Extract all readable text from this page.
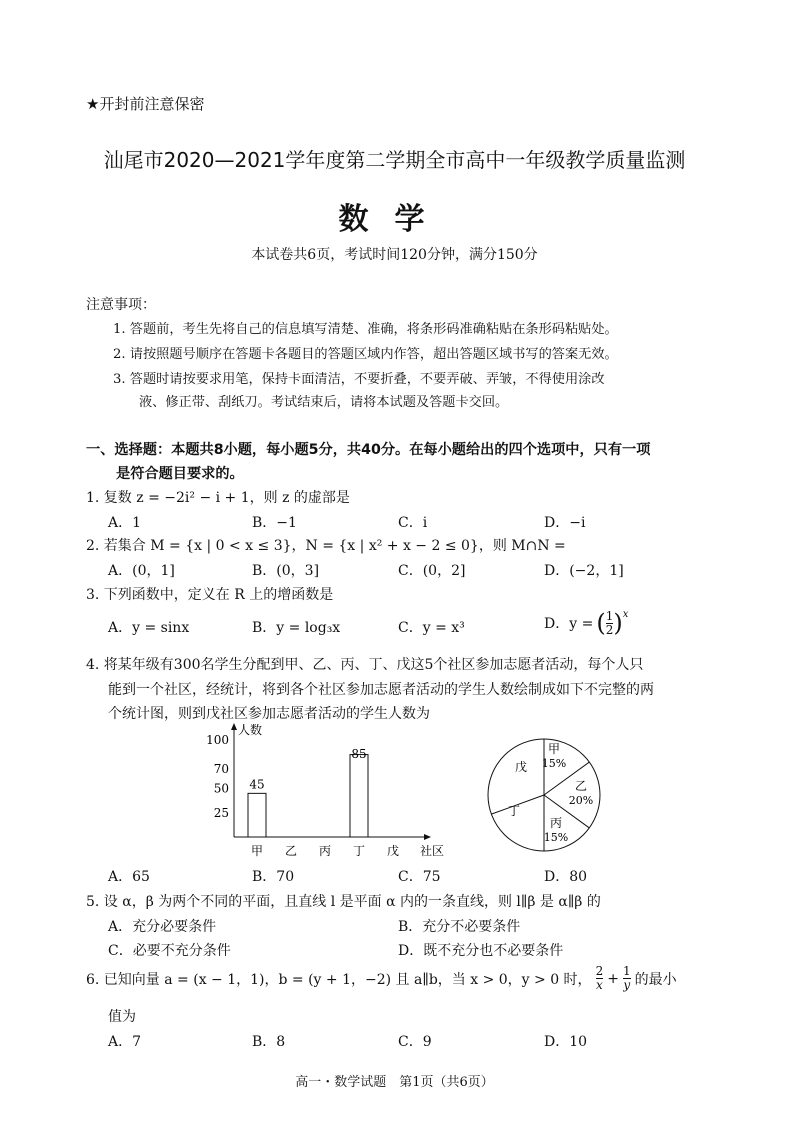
★开封前注意保密
汕尾市2020—2021学年度第二学期全市高中一年级教学质量监测
数学
本试卷共6页，考试时间120分钟，满分150分
注意事项：
1. 答题前，考生先将自己的信息填写清楚、准确，将条形码准确粘贴在条形码粘贴处。
2. 请按照题号顺序在答题卡各题目的答题区域内作答，超出答题区域书写的答案无效。
3. 答题时请按要求用笔，保持卡面清洁，不要折叠，不要弄破、弄皱，不得使用涂改
液、修正带、刮纸刀。考试结束后，请将本试题及答题卡交回。
一、选择题：本题共8小题，每小题5分，共40分。在每小题给出的四个选项中，只有一项
是符合题目要求的。
1. 复数 z = −2i² − i + 1，则 z 的虚部是
A．1	B．−1	C．i	D．−i
2. 若集合 M = {x | 0 < x ≤ 3}，N = {x | x² + x − 2 ≤ 0}，则 M∩N =
A．(0，1]	B．(0，3]	C．(0，2]	D．(−2，1]
3. 下列函数中，定义在 R 上的增函数是
A．y = sinx	B．y = log₃x	C．y = x³	D．y = ( $\frac{1}{2}$ ) x
4. 将某年级有300名学生分配到甲、乙、丙、丁、戊这5个社区参加志愿者活动，每个人只
能到一个社区，经统计，将到各个社区参加志愿者活动的学生人数绘制成如下不完整的两
个统计图，则到戊社区参加志愿者活动的学生人数为
人数
社区
25
50
70
100
甲
45
乙 丙 丁
85
戊
甲
15%
乙
20%
丙
15%
丁
戊
A．65	B．70	C．75	D．80
5. 设 α，β 为两个不同的平面，且直线 l 是平面 α 内的一条直线，则 l∥β 是 α∥β 的
A．充分必要条件	B．充分不必要条件
C．必要不充分条件	D．既不充分也不必要条件
6. 已知向量 a = (x − 1，1)，b = (y + 1，−2) 且 a∥b，当 x > 0，y > 0 时， $\frac{2}{x} + \frac{1}{y}$ 的最小
值为
A．7	B．8	C．9	D．10
高一・数学试题　第1页（共6页）
